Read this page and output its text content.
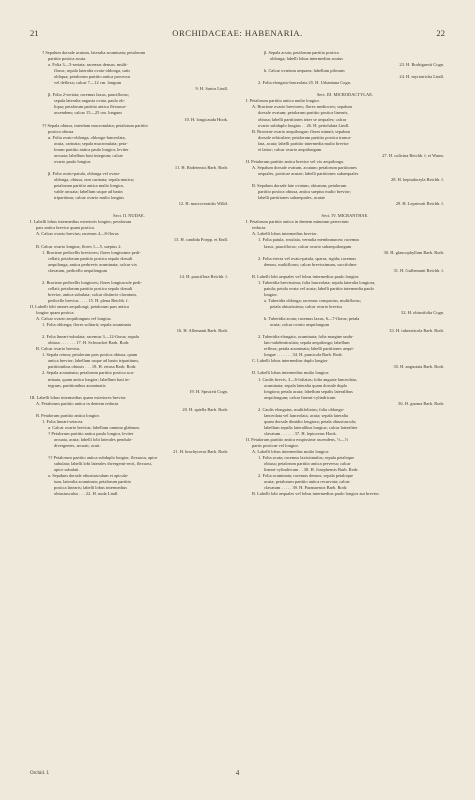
21	ORCHIDACEAE: HABENARIA.	22
† Sepalum dorsale acutum, lateralia acuminata; petalorum
partitio postica acuta.
a. Folia 3—5-seriata; racemus densus, multi-
florus; sepala lateralia ovato-oblonga, satis
obliqua; petalorum partitio antica processu
vel deflexa; calcar 7—12 cm. longum
9. H. Sartor Lindl.
β. Folia 2-seriata; racemus laxus, pauciflorus;
sepala lateralia angusta ovata, paulo ob-
liqua; petalorum partitio antica flexuoso-
ascendens; calcar 15—25 cm. longum
10. H. longicauda Hook.
†† Sepala obtusa, interdum mucronulata; petalorum partitio
postica obtusa.
α. Folia ovato-oblonga, oblongo-lanceolata,
acuta, carinata; sepala mucronulata; peta-
lorum partitio antica paulo longior, leviter
arcuata; labellum basi integrum; calcar
ovario paulo longius
11. H. Rodeiensis Barb. Rodr.
β. Folia ovato-patula, oblonga vel ovato-
oblonga, obtusa, non carinata; sepala mutica;
petalorum partitio antica multo longior,
valde arcuata; labellum usque ad basin
tripartitum; calcar ovario multo longius
12. H. macroceratitis Willd.
Sect. II. NUDAE.
I. Labelli lobus intermedius exterioris longior; petalorum
pars antica brevior quam postica.
A. Calcar ovario brevius; racemus 4—8-florus
13. H. candida Poepp. et Endl.
B. Calcar ovario longius; flores 1—5, saepius 2.
1. Bracteae pedicellis breviores; flores longissime pedi-
cellati; petalorum partitio postica sepalo dorsali
aequilonga, antica perbrevis acuminata; calcar vix
clavatum, pedicello aequilongum
14. H. pauciflora Reichb. f.
2. Bracteae pedicellis longiores; flores longiuscule pedi-
cellati; petalorum partitio postica sepalo dorsali
brevior, antica subulata; calcar distincte clavatum,
pedicello brevius . . . . 15. H. plena Reichb. f.
II. Labelli lobi omnes aequilongi; petalorum pars antica
longior quam postica.
A. Calcar ovario aequilongum vel longius.
1. Folia oblonga; flores solitarii; sepala acuminata
16. H. Allemanii Barb. Rodr.
2. Folia lineari-subulata; racemus 3—12-florus; sepala
obtusa . . . . . . . 17. H. Schwackei Barb. Rodr.
B. Calcar ovario brevius.
1. Sepala retusa; petalorum pars postica obtusa, quam
antica brevior; labellum usque ad basin tripartitum,
partitionibus obtusis . . . 18. H. retusa Barb. Rodr.
2. Sepala acuminata; petalorum partitio postica acu-
minata, quam antica longior; labellum basi in-
tegrum, partitionibus acuminatis
19. H. Spruceii Cogn.
III. Labelli lobus intermedius quam exteriores brevior.
A. Petalorum partitio antica in dentem reducta
20. H. apiella Barb. Rodr.
B. Petalorum partitio antica longior.
1. Folia lineari-setacea.
a. Calcar ovario brevius; labellum omnino glabrum.
† Petalorum partitio antica paulo longior, leviter
arcuata, acuta; labelli lobi laterales pendulo-
divergentes, arcuati, acuti.
21. H. brachyceras Barb. Rodr.
†† Petalorum partitio antica subduplo longior, flexuosa, apice
subulata; labelli lobi laterales divergenti-recti, flexuosi,
apice subulati.
a. Sepalum dorsale obtusiusculum et apicula-
tum, lateralia acuminata; petalorum partitio
postica linearis; labelli lobus intermedius
obtusiusculus . . . 22. H. nuda Lindl.
β. Sepala acuta; petalorum partitio postica
oblonga; labelli lobus intermedius acutus
23. H. Rodriguesii Cogn.
b. Calcar ovarium aequans; labellum pilosum
24. H. myriotricha Lindl.
2. Folia elongato-lanceolata 25. H. Urbaniana Cogn.
Sect. III. MICRODACTYLAE.
I. Petalorum partitio antica multo longior.
A. Bracteae ovario breviores; flores mediocres; sepalum
dorsale ovatum; petalorum partitio postica linearis,
obtusa; labelli partitiones inter se aequales; calcar
ovario subduplo longius . . 26. H. petiolulata Lindl.
B. Bracteae ovario aequilongae; flores minuti; sepalum
dorsale orbiculare; petalorum partitio postica trunca-
lata, acuta; labelli partitio intermedia multo brevior
et latior; calcar ovario aequilongum
27. H. culicina Reichb. f. et Warm.
II. Petalorum partitio antica brevior vel vix aequilonga.
A. Sepalum dorsale ovatum, acutum; petalorum partitiones
aequales, posticae acutae; labelli partitiones subaequales
28. H. heptadactyla Reichb. f.
B. Sepalum dorsale late ovatum, obtusum; petalorum
partitio postica obtusa, antica saepius multo brevior;
labelli partitiones subaequales, acutae
29. H. Leprieurii Reichb. f.
Sect. IV. MICRANTHAE.
I. Petalorum partitio antica in dentem minutum perrectum
reducta.
A. Labelli lobus intermedius brevior.
1. Folia patula, rosulata, vernalia membranacea; racemus
laxus, pauciflorus; calcar ovario subaequilongum
30. H. glaucophyllum Barb. Rodr.
2. Folia erecta vel ovato-patula, sparsa, rigida; racemus
densus, multiflorus; calcar brevissimum, saccifolme
31. H. Gullemanii Reichb. f.
B. Labelli lobi aequales vel lobus intermedius paulo longior.
1. Tuberidia brevissima; folia lanceolata; sepala lateralia longiora,
patula; petala ovata vel acuta; labelli partitio intermedia paulo
longior.
a. Tuberidia oblonga; racemus compactus, multiflorus;
petala obtusissima; calcar ovario brevius
32. H. obtusifolia Cogn.
b. Tuberidia acuta; racemus laxus, 6—7-florus; petala
acuta; calcar ovario aequilongum
33. H. tuberaticola Barb. Rodr.
2. Tuberidia elongata, acuminata; folia margine undu-
lato-subdenticulata; sepala aequilonga; labellum
reflexa; petala acuminata; labelli partitiones aequi-
longae . . . . . . . 34. H. pumicola Barb. Rodr.
C. Labelli lobus intermedius duplo longior
35. H. angustata Barb. Rodr.
D. Labelli lobus intermedius multo longior.
1. Caulis brevis, 3—6-foliatus; folia anguste lanceolata,
acuminata; sepala lateralia quam dorsale duplo
longiora; petala acuta; labellum sepalis lateralibus
aequilongum; calcar lineari-cylindricum
36. H. gnoma Barb. Rodr.
2. Caulis elongatus, multifoliatus; folia oblongo-
lanceolata vel lanceolata, acuta; sepala lateralia
quam dorsale dimidio longiora; petala obtusiuscula;
labellum sepalis lateralibus longius; calcar lateraliter
clavatum . . . . . . 37. H. leptoceras Hook.
II. Petalorum partitio antica exspissime ascendens, ½—⅓
partis posticae vel longior.
A. Labelli lobus intermedius multo longior.
1. Folia acuta; racemus laxissimulus; sepala petaloque
obtusa; petalorum partitio antica perversa; calcar
lineari-cylindricum . . 38. H. Josephensis Barb. Rodr.
2. Folia acuminata; racemus densus; sepala petaloque
acuta; petalorum partitio antica recurvata; calcar
clavatum . . . . . 39. H. Paranaensis Barb. Rodr.
B. Labelli lobi aequales vel lobus intermedius paulo longior aut brevior.
Orchid. I.	4
